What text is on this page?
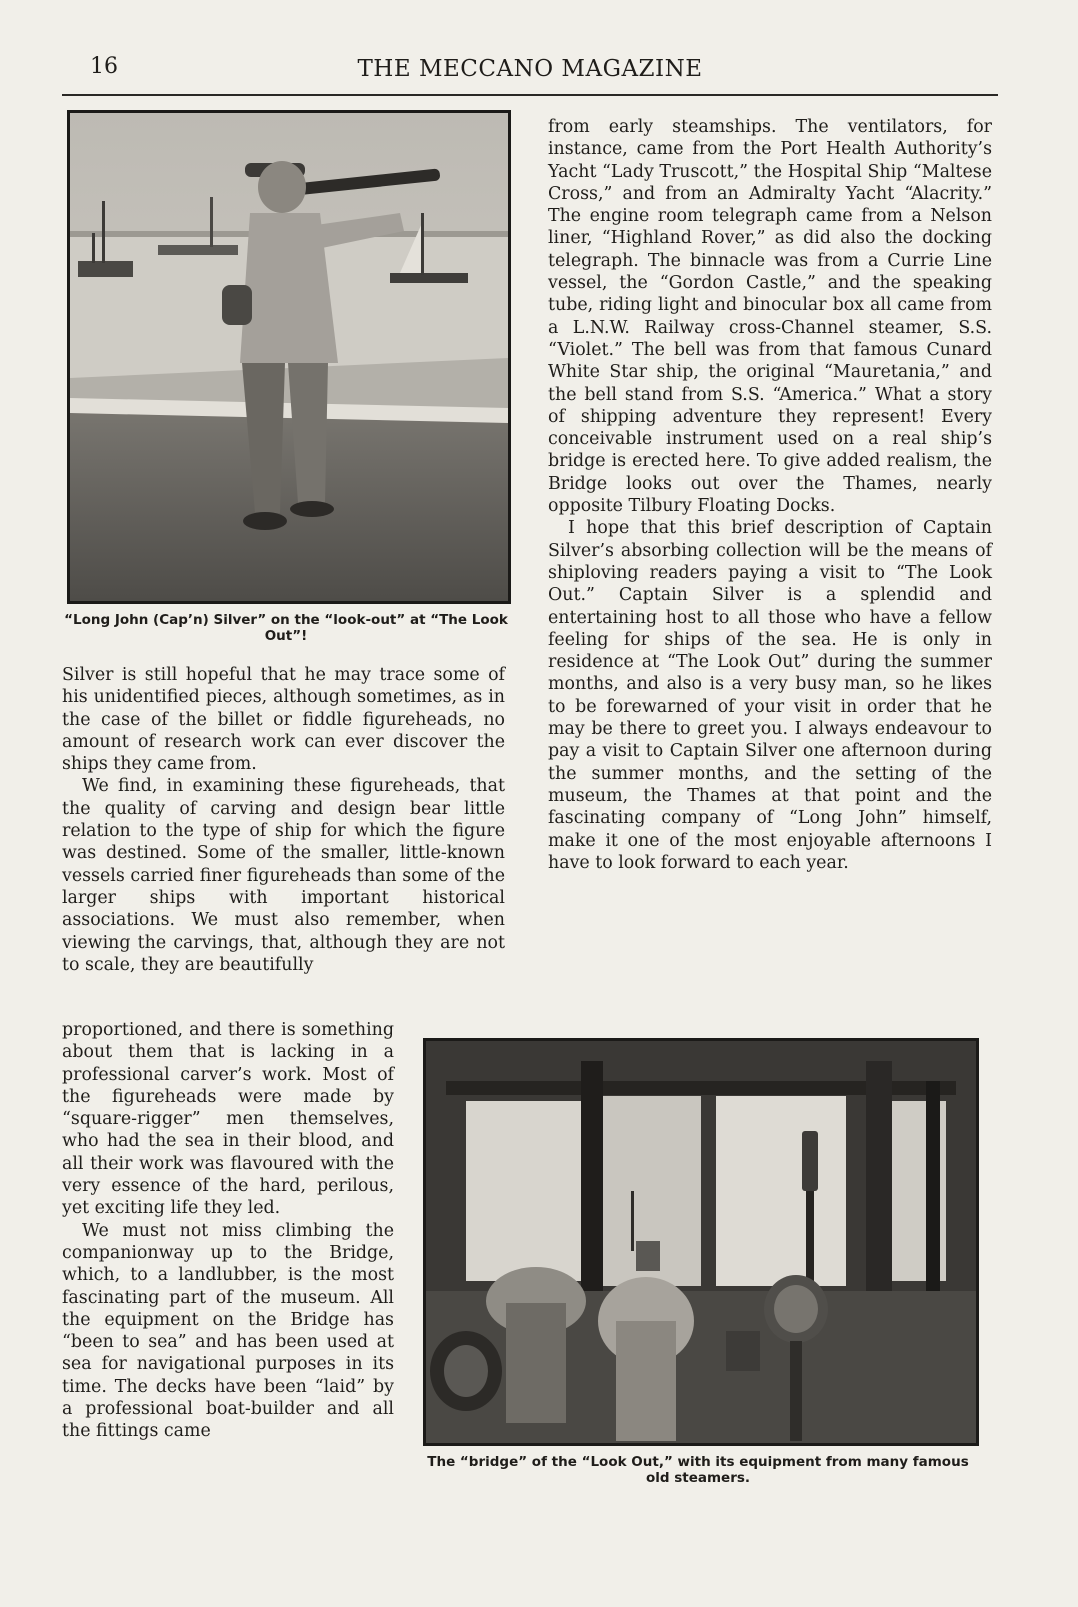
16	THE MECCANO MAGAZINE
“Long John (Cap’n) Silver” on the “look-out” at “The Look Out”!

Silver is still hopeful that he may trace some of his unidentified pieces, although sometimes, as in the case of the billet or fiddle figureheads, no amount of research work can ever discover the ships they came from.

We find, in examining these figureheads, that the quality of carving and design bear little relation to the type of ship for which the figure was destined. Some of the smaller, little-known vessels carried finer figureheads than some of the larger ships with important historical associations. We must also remember, when viewing the carvings, that, although they are not to scale, they are beautifully

proportioned, and there is something about them that is lacking in a professional carver’s work. Most of the figureheads were made by “square-rigger” men themselves, who had the sea in their blood, and all their work was flavoured with the very essence of the hard, perilous, yet exciting life they led.

We must not miss climbing the companionway up to the Bridge, which, to a landlubber, is the most fascinating part of the museum. All the equipment on the Bridge has “been to sea” and has been used at sea for navigational purposes in its time. The decks have been “laid” by a professional boat-builder and all the fittings came

from early steamships. The ventilators, for instance, came from the Port Health Authority’s Yacht “Lady Truscott,” the Hospital Ship “Maltese Cross,” and from an Admiralty Yacht “Alacrity.” The engine room telegraph came from a Nelson liner, “Highland Rover,” as did also the docking telegraph. The binnacle was from a Currie Line vessel, the “Gordon Castle,” and the speaking tube, riding light and binocular box all came from a L.N.W. Railway cross-Channel steamer, S.S. “Violet.” The bell was from that famous Cunard White Star ship, the original “Mauretania,” and the bell stand from S.S. “America.” What a story of shipping adventure they represent! Every conceivable instrument used on a real ship’s bridge is erected here. To give added realism, the Bridge looks out over the Thames, nearly opposite Tilbury Floating Docks.

I hope that this brief description of Captain Silver’s absorbing collection will be the means of shiploving readers paying a visit to “The Look Out.” Captain Silver is a splendid and entertaining host to all those who have a fellow feeling for ships of the sea. He is only in residence at “The Look Out” during the summer months, and also is a very busy man, so he likes to be forewarned of your visit in order that he may be there to greet you. I always endeavour to pay a visit to Captain Silver one afternoon during the summer months, and the setting of the museum, the Thames at that point and the fascinating company of “Long John” himself, make it one of the most enjoyable afternoons I have to look forward to each year.

The “bridge” of the “Look Out,” with its equipment from many famous old steamers.
